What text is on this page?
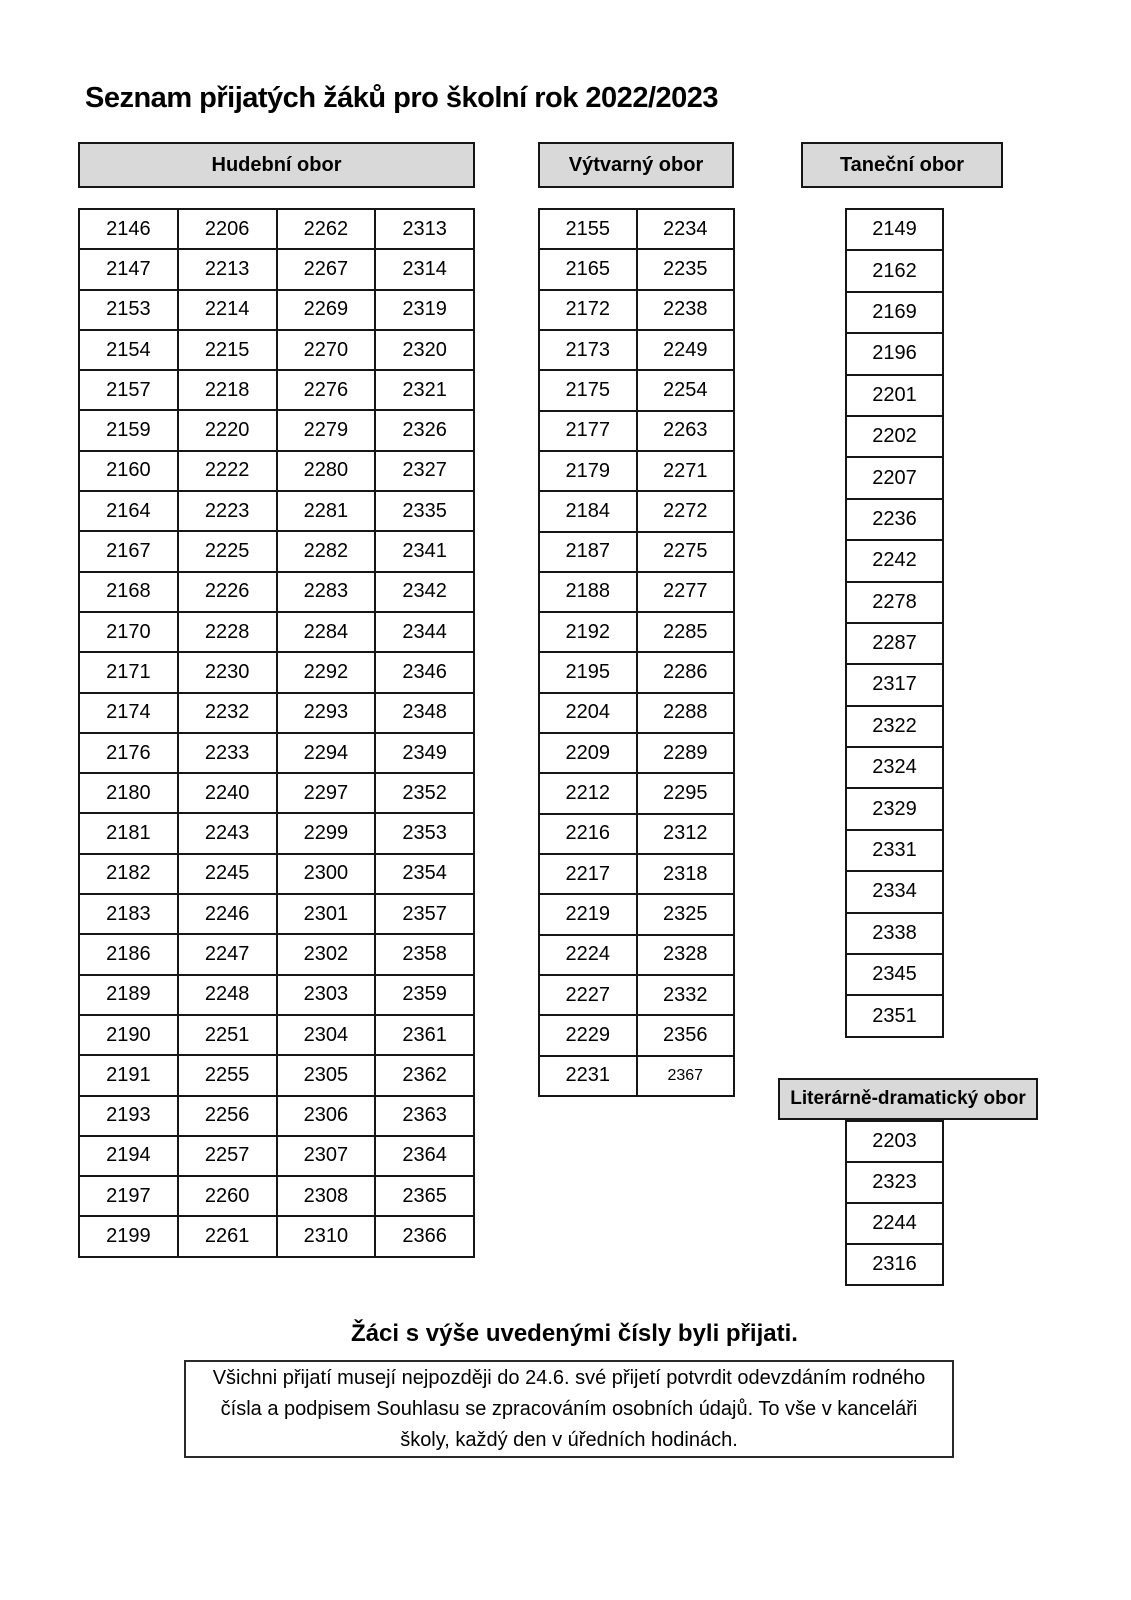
Seznam přijatých žáků pro školní rok 2022/2023
Hudební obor	Výtvarný obor	Taneční obor
2146	2206	2262	2313
2147	2213	2267	2314
2153	2214	2269	2319
2154	2215	2270	2320
2157	2218	2276	2321
2159	2220	2279	2326
2160	2222	2280	2327
2164	2223	2281	2335
2167	2225	2282	2341
2168	2226	2283	2342
2170	2228	2284	2344
2171	2230	2292	2346
2174	2232	2293	2348
2176	2233	2294	2349
2180	2240	2297	2352
2181	2243	2299	2353
2182	2245	2300	2354
2183	2246	2301	2357
2186	2247	2302	2358
2189	2248	2303	2359
2190	2251	2304	2361
2191	2255	2305	2362
2193	2256	2306	2363
2194	2257	2307	2364
2197	2260	2308	2365
2199	2261	2310	2366
2155	2234
2165	2235
2172	2238
2173	2249
2175	2254
2177	2263
2179	2271
2184	2272
2187	2275
2188	2277
2192	2285
2195	2286
2204	2288
2209	2289
2212	2295
2216	2312
2217	2318
2219	2325
2224	2328
2227	2332
2229	2356
2231	2367
2149
2162
2169
2196
2201
2202
2207
2236
2242
2278
2287
2317
2322
2324
2329
2331
2334
2338
2345
2351
Literárně-dramatický obor
2203
2323
2244
2316
Žáci s výše uvedenými čísly byli přijati.
Všichni přijatí musejí nejpozději do 24.6. své přijetí potvrdit odevzdáním rodného čísla a podpisem Souhlasu se zpracováním osobních údajů. To vše v kanceláři školy, každý den v úředních hodinách.
